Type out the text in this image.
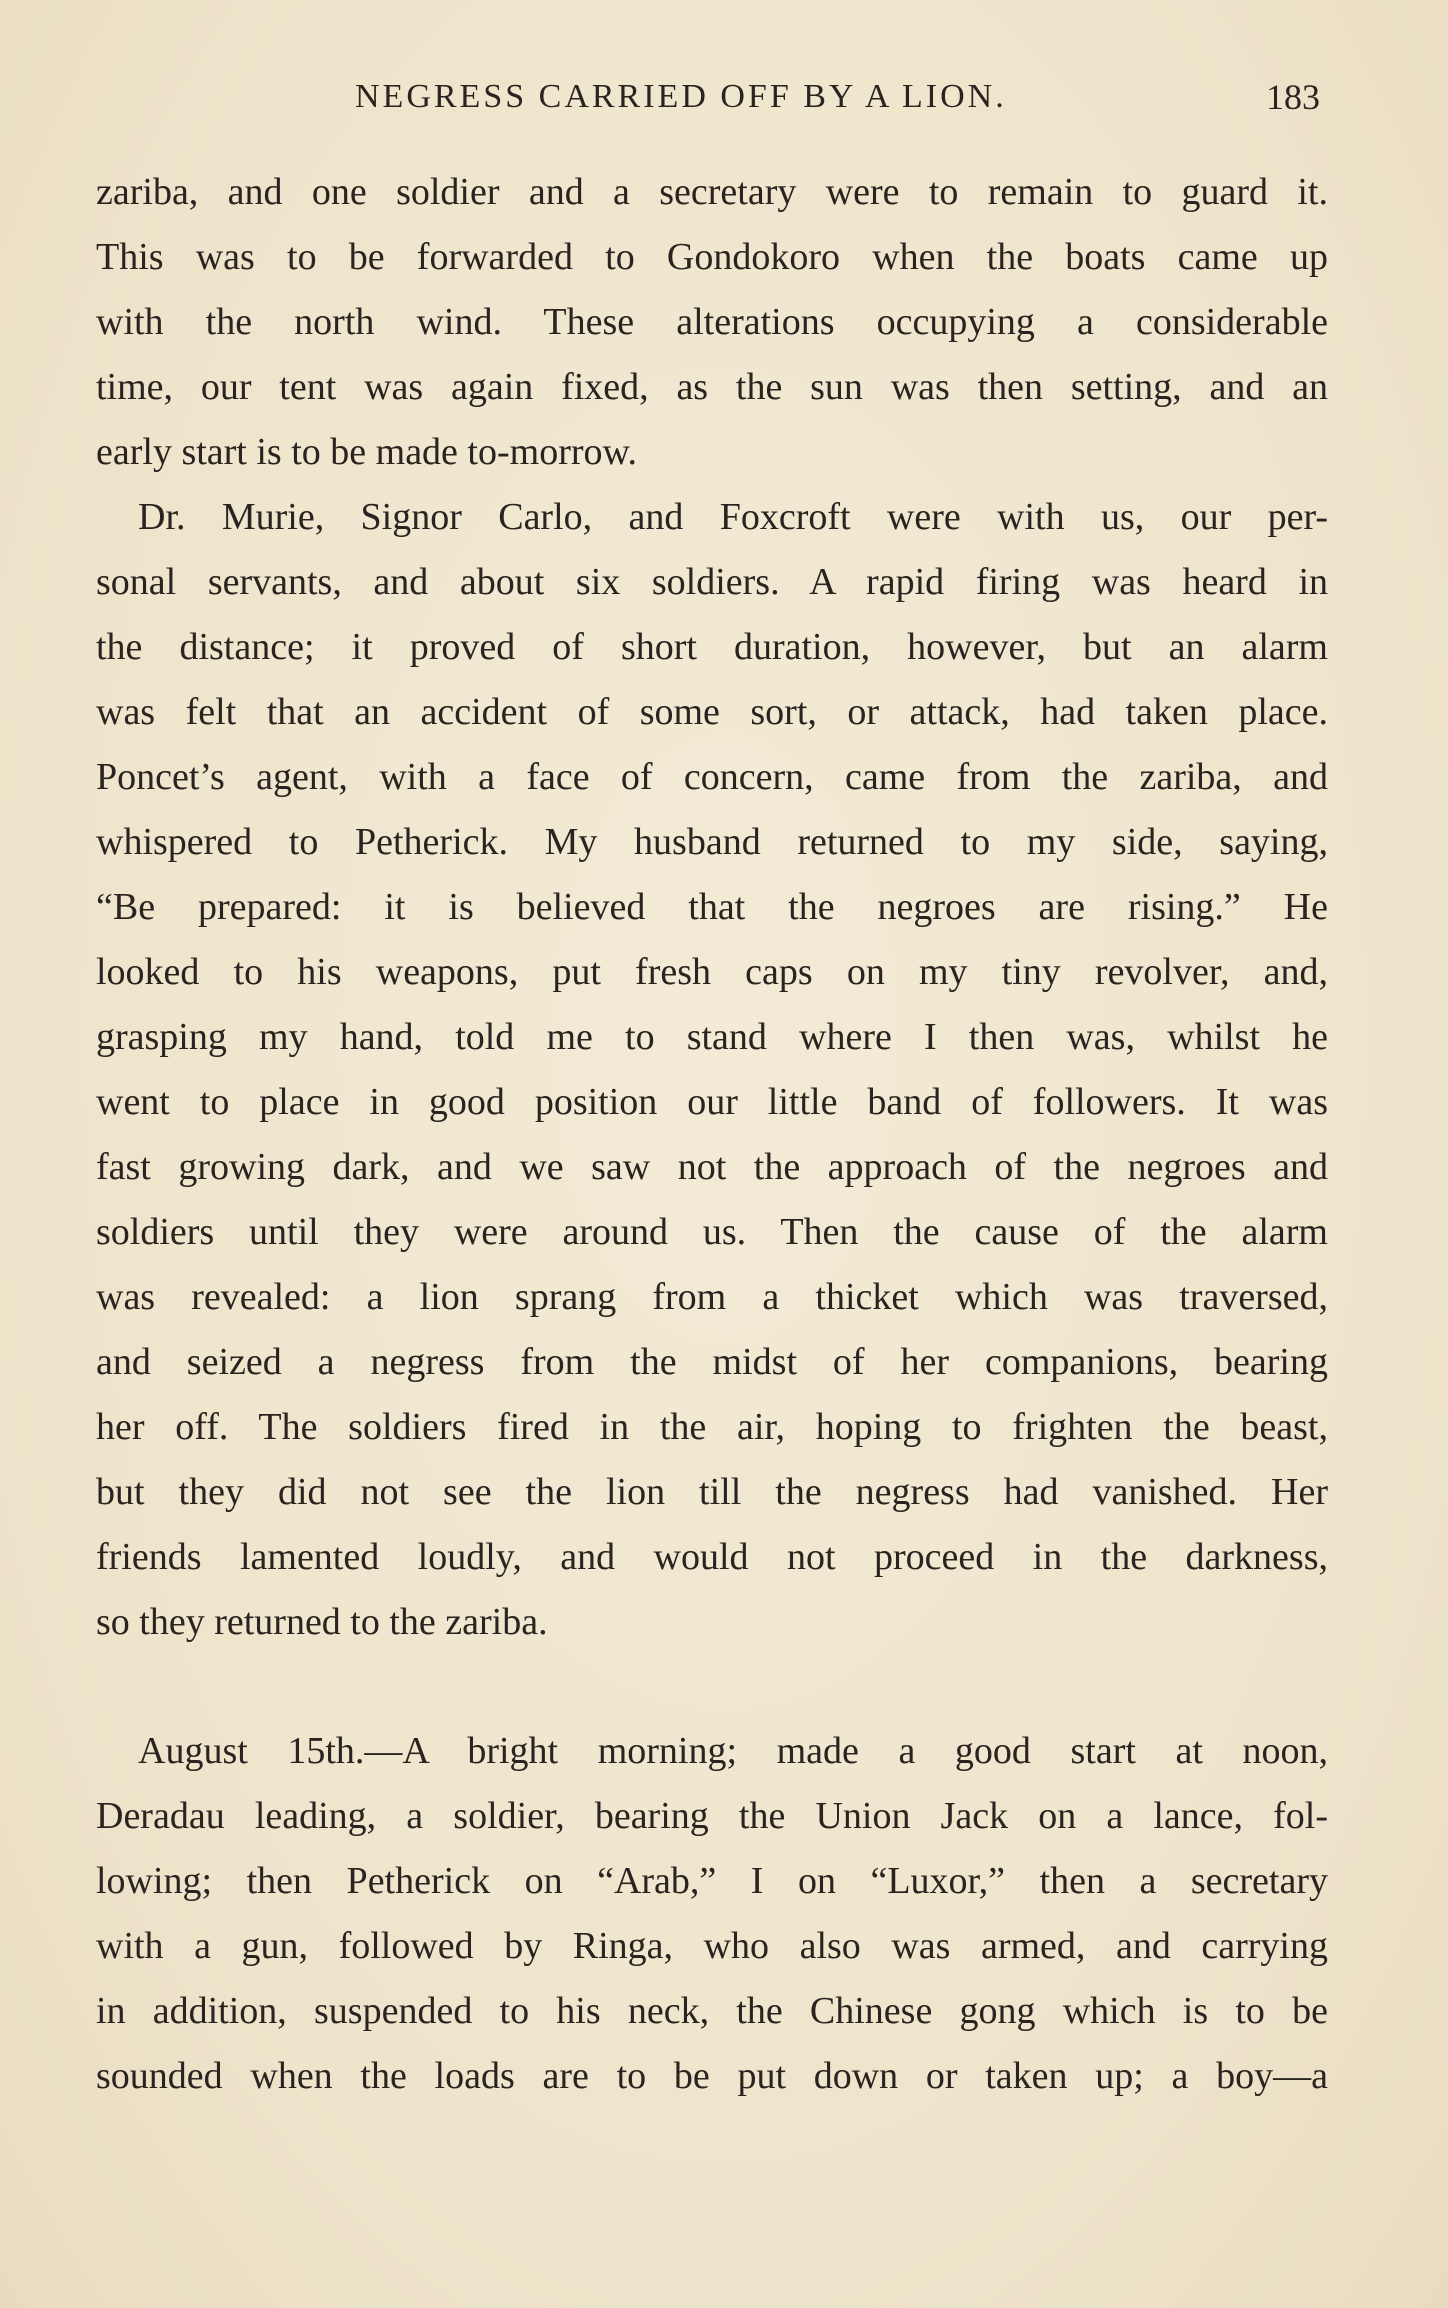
NEGRESS CARRIED OFF BY A LION.	183
zariba, and one soldier and a secretary were to remain to guard it.
This was to be forwarded to Gondokoro when the boats came up
with the north wind. These alterations occupying a considerable
time, our tent was again fixed, as the sun was then setting, and an
early start is to be made to-morrow.
Dr. Murie, Signor Carlo, and Foxcroft were with us, our per-
sonal servants, and about six soldiers. A rapid firing was heard in
the distance; it proved of short duration, however, but an alarm
was felt that an accident of some sort, or attack, had taken place.
Poncet’s agent, with a face of concern, came from the zariba, and
whispered to Petherick. My husband returned to my side, saying,
“Be prepared: it is believed that the negroes are rising.” He
looked to his weapons, put fresh caps on my tiny revolver, and,
grasping my hand, told me to stand where I then was, whilst he
went to place in good position our little band of followers. It was
fast growing dark, and we saw not the approach of the negroes and
soldiers until they were around us. Then the cause of the alarm
was revealed: a lion sprang from a thicket which was traversed,
and seized a negress from the midst of her companions, bearing
her off. The soldiers fired in the air, hoping to frighten the beast,
but they did not see the lion till the negress had vanished. Her
friends lamented loudly, and would not proceed in the darkness,
so they returned to the zariba.
August 15th.—A bright morning; made a good start at noon,
Deradau leading, a soldier, bearing the Union Jack on a lance, fol-
lowing; then Petherick on “Arab,” I on “Luxor,” then a secretary
with a gun, followed by Ringa, who also was armed, and carrying
in addition, suspended to his neck, the Chinese gong which is to be
sounded when the loads are to be put down or taken up; a boy—a
